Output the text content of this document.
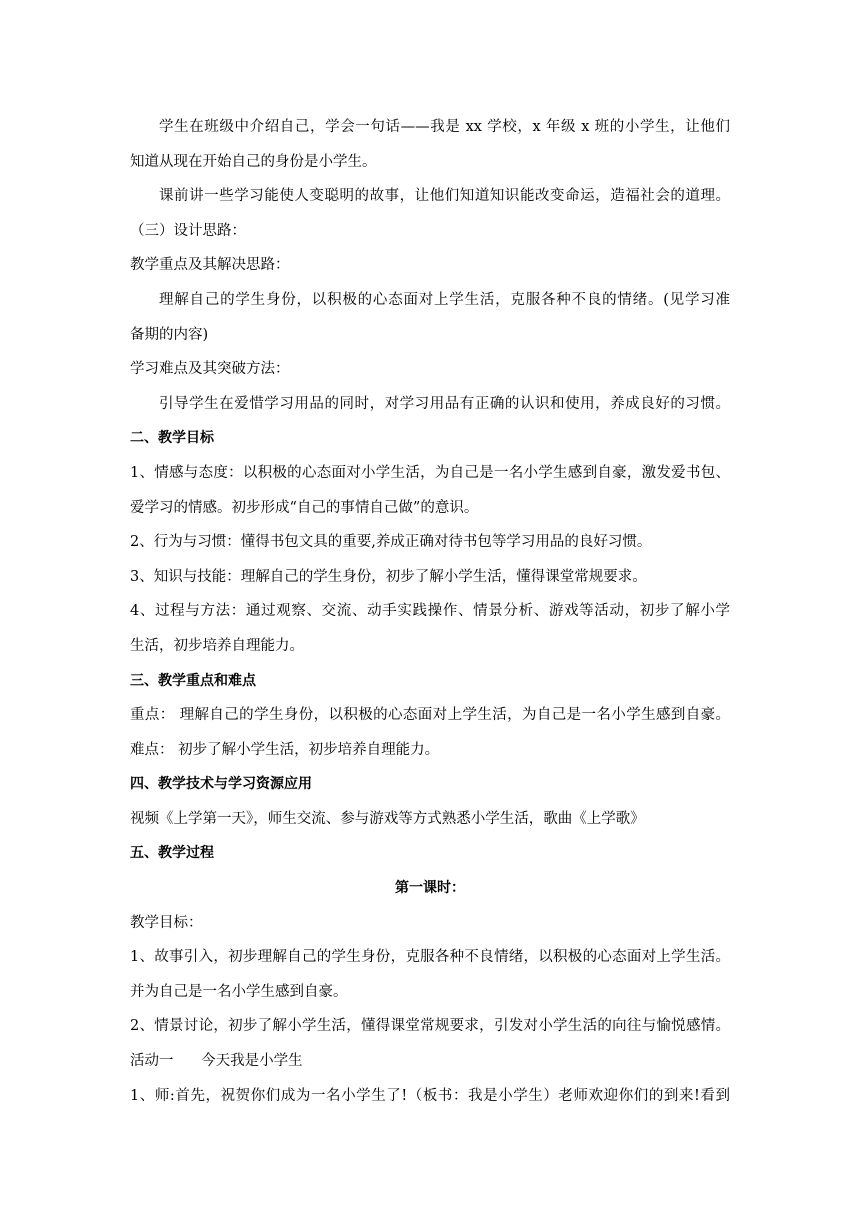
学生在班级中介绍自己，学会一句话——我是 xx 学校，x 年级 x 班的小学生，让他们

知道从现在开始自己的身份是小学生。

课前讲一些学习能使人变聪明的故事，让他们知道知识能改变命运，造福社会的道理。

（三）设计思路：

教学重点及其解决思路：

理解自己的学生身份，以积极的心态面对上学生活，克服各种不良的情绪。(见学习准

备期的内容)

学习难点及其突破方法：

引导学生在爱惜学习用品的同时，对学习用品有正确的认识和使用，养成良好的习惯。

二、教学目标

1、情感与态度：以积极的心态面对小学生活，为自己是一名小学生感到自豪，激发爱书包、

爱学习的情感。初步形成“自己的事情自己做”的意识。

2、行为与习惯：懂得书包文具的重要,养成正确对待书包等学习用品的良好习惯。

3、知识与技能：理解自己的学生身份，初步了解小学生活，懂得课堂常规要求。

4、过程与方法：通过观察、交流、动手实践操作、情景分析、游戏等活动，初步了解小学

生活，初步培养自理能力。

三、教学重点和难点

重点： 理解自己的学生身份，以积极的心态面对上学生活，为自己是一名小学生感到自豪。

难点： 初步了解小学生活，初步培养自理能力。

四、教学技术与学习资源应用

视频《上学第一天》，师生交流、参与游戏等方式熟悉小学生活，歌曲《上学歌》

五、教学过程

第一课时：

教学目标：

1、故事引入，初步理解自己的学生身份，克服各种不良情绪，以积极的心态面对上学生活。

并为自己是一名小学生感到自豪。

2、情景讨论，初步了解小学生活，懂得课堂常规要求，引发对小学生活的向往与愉悦感情。

活动一      今天我是小学生

1、师:首先，祝贺你们成为一名小学生了!（板书：我是小学生）老师欢迎你们的到来!看到
